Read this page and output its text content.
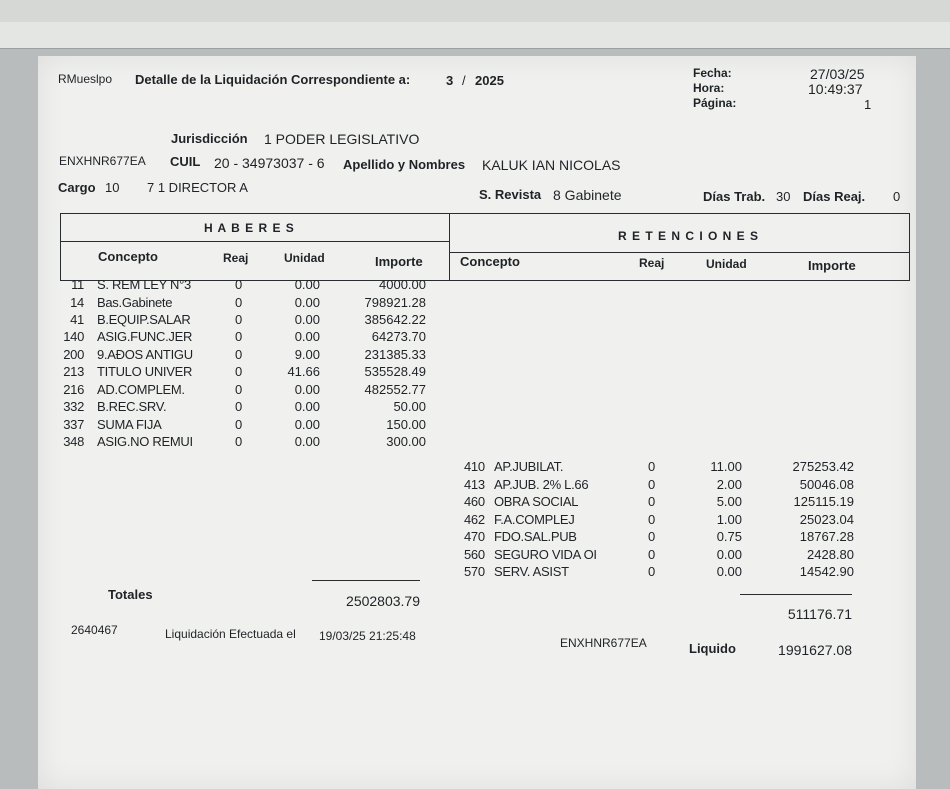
RMueslpo Detalle de la Liquidación Correspondiente a:	3 / 2025	Fecha:	27/03/25
Hora:	10:49:37
Página:	1
Jurisdicción 1 PODER LEGISLATIVO
ENXHNR677EA CUIL 20 - 34973037 - 6 Apellido y Nombres KALUK IAN NICOLAS
Cargo 10 7 1 DIRECTOR A	S. Revista 8 Gabinete	Días Trab. 30 Días Reaj. 0
H A B E R E S
R E T E N C I O N E S
Concepto	Reaj	Unidad	Importe	Concepto	Reaj	Unidad	Importe
11 S. REM LEY N°3	0	0.00	4000.00
14 Bas.Gabinete	0	0.00	798921.28
41 B.EQUIP.SALAR	0	0.00	385642.22
140 ASIG.FUNC.JER	0	0.00	64273.70
200 9.AÐOS ANTIGU	0	9.00	231385.33
213 TITULO UNIVER	0	41.66	535528.49
216 AD.COMPLEM.	0	0.00	482552.77
332 B.REC.SRV.	0	0.00	50.00
337 SUMA FIJA	0	0.00	150.00
348 ASIG.NO REMUI	0	0.00	300.00
410 AP.JUBILAT.	0	11.00	275253.42
413 AP.JUB. 2% L.66	0	2.00	50046.08
460 OBRA SOCIAL	0	5.00	125115.19
462 F.A.COMPLEJ	0	1.00	25023.04
470 FDO.SAL.PUB	0	0.75	18767.28
560 SEGURO VIDA OI	0	0.00	2428.80
570 SERV. ASIST	0	0.00	14542.90
Totales	2502803.79
511176.71
2640467	Liquidación Efectuada el 19/03/25 21:25:48	ENXHNR677EA	Liquido	1991627.08
